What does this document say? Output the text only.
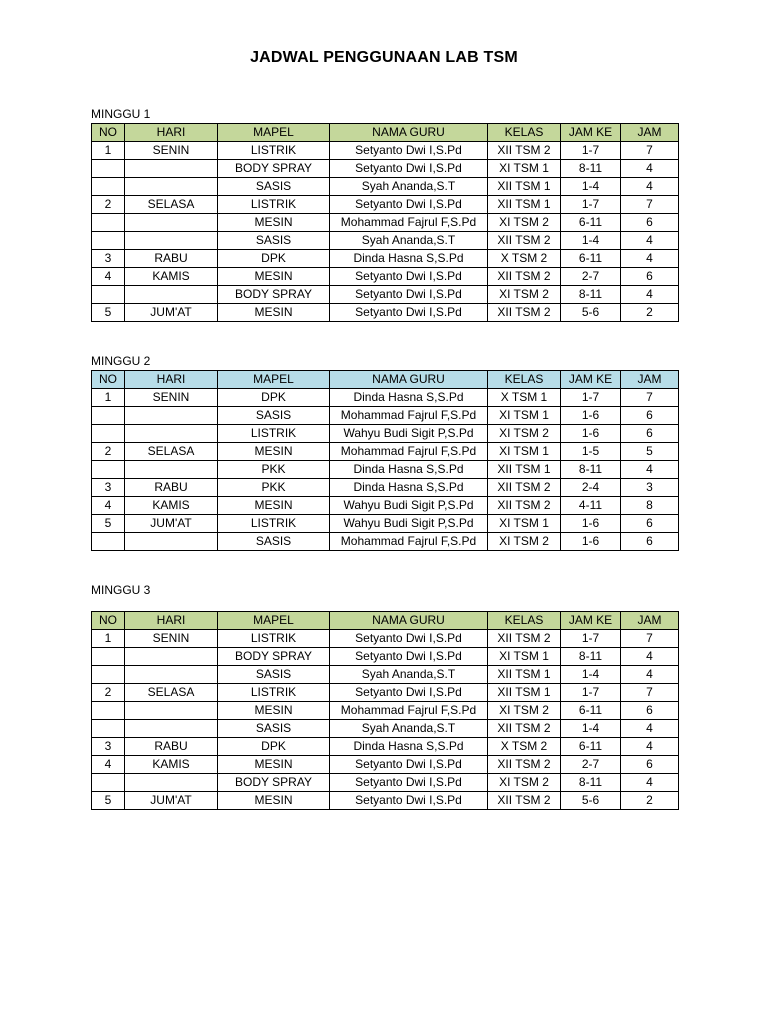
JADWAL PENGGUNAAN LAB TSM
MINGGU 1
NO	HARI	MAPEL	NAMA GURU	KELAS	JAM KE	JAM
1	SENIN	LISTRIK	Setyanto Dwi I,S.Pd	XII TSM 2	1-7	7
		BODY SPRAY	Setyanto Dwi I,S.Pd	XI TSM 1	8-11	4
		SASIS	Syah Ananda,S.T	XII TSM 1	1-4	4
2	SELASA	LISTRIK	Setyanto Dwi I,S.Pd	XII TSM 1	1-7	7
		MESIN	Mohammad Fajrul F,S.Pd	XI TSM 2	6-11	6
		SASIS	Syah Ananda,S.T	XII TSM 2	1-4	4
3	RABU	DPK	Dinda Hasna S,S.Pd	X TSM 2	6-11	4
4	KAMIS	MESIN	Setyanto Dwi I,S.Pd	XII TSM 2	2-7	6
		BODY SPRAY	Setyanto Dwi I,S.Pd	XI TSM 2	8-11	4
5	JUM'AT	MESIN	Setyanto Dwi I,S.Pd	XII TSM 2	5-6	2
MINGGU 2
NO	HARI	MAPEL	NAMA GURU	KELAS	JAM KE	JAM
1	SENIN	DPK	Dinda Hasna S,S.Pd	X TSM 1	1-7	7
		SASIS	Mohammad Fajrul F,S.Pd	XI TSM 1	1-6	6
		LISTRIK	Wahyu Budi Sigit P,S.Pd	XI TSM 2	1-6	6
2	SELASA	MESIN	Mohammad Fajrul F,S.Pd	XI TSM 1	1-5	5
		PKK	Dinda Hasna S,S.Pd	XII TSM 1	8-11	4
3	RABU	PKK	Dinda Hasna S,S.Pd	XII TSM 2	2-4	3
4	KAMIS	MESIN	Wahyu Budi Sigit P,S.Pd	XII TSM 2	4-11	8
5	JUM'AT	LISTRIK	Wahyu Budi Sigit P,S.Pd	XI TSM 1	1-6	6
		SASIS	Mohammad Fajrul F,S.Pd	XI TSM 2	1-6	6
MINGGU 3
NO	HARI	MAPEL	NAMA GURU	KELAS	JAM KE	JAM
1	SENIN	LISTRIK	Setyanto Dwi I,S.Pd	XII TSM 2	1-7	7
		BODY SPRAY	Setyanto Dwi I,S.Pd	XI TSM 1	8-11	4
		SASIS	Syah Ananda,S.T	XII TSM 1	1-4	4
2	SELASA	LISTRIK	Setyanto Dwi I,S.Pd	XII TSM 1	1-7	7
		MESIN	Mohammad Fajrul F,S.Pd	XI TSM 2	6-11	6
		SASIS	Syah Ananda,S.T	XII TSM 2	1-4	4
3	RABU	DPK	Dinda Hasna S,S.Pd	X TSM 2	6-11	4
4	KAMIS	MESIN	Setyanto Dwi I,S.Pd	XII TSM 2	2-7	6
		BODY SPRAY	Setyanto Dwi I,S.Pd	XI TSM 2	8-11	4
5	JUM'AT	MESIN	Setyanto Dwi I,S.Pd	XII TSM 2	5-6	2
